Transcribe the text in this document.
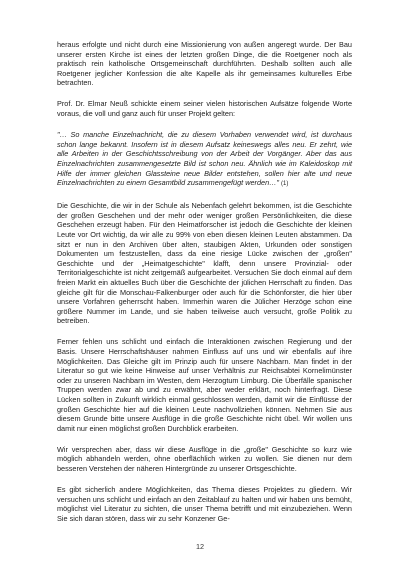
heraus erfolgte und nicht durch eine Missionierung von außen angeregt wurde. Der Bau unserer ersten Kirche ist eines der letzten großen Dinge, die die Roetgener noch als praktisch rein katholische Ortsgemeinschaft durchführten. Deshalb sollten auch alle Roetgener jeglicher Konfession die alte Kapelle als ihr gemeinsames kulturelles Erbe betrachten.

Prof. Dr. Elmar Neuß schickte einem seiner vielen historischen Aufsätze folgende Worte voraus, die voll und ganz auch für unser Projekt gelten:

"… So manche Einzelnachricht, die zu diesem Vorhaben verwendet wird, ist durchaus schon lange bekannt. Insofern ist in diesem Aufsatz keineswegs alles neu. Er zehrt, wie alle Arbeiten in der Geschichtsschreibung von der Arbeit der Vorgänger. Aber das aus Einzelnachrichten zusammengesetzte Bild ist schon neu. Ähnlich wie im Kaleidoskop mit Hilfe der immer gleichen Glassteine neue Bilder entstehen, sollen hier alte und neue Einzelnachrichten zu einem Gesamtbild zusammengefügt werden…" (1)

Die Geschichte, die wir in der Schule als Nebenfach gelehrt bekommen, ist die Geschichte der großen Geschehen und der mehr oder weniger großen Persönlichkeiten, die diese Geschehen erzeugt haben. Für den Heimatforscher ist jedoch die Geschichte der kleinen Leute vor Ort wichtig, da wir alle zu 99% von eben diesen kleinen Leuten abstammen. Da sitzt er nun in den Archiven über alten, staubigen Akten, Urkunden oder sonstigen Dokumenten um festzustellen, dass da eine riesige Lücke zwischen der „großen" Geschichte und der „Heimatgeschichte" klafft, denn unsere Provinzial- oder Territorialgeschichte ist nicht zeitgemäß aufgearbeitet. Versuchen Sie doch einmal auf dem freien Markt ein aktuelles Buch über die Geschichte der jülichen Herrschaft zu finden. Das gleiche gilt für die Monschau-Falkenburger oder auch für die Schönforster, die hier über unsere Vorfahren geherrscht haben. Immerhin waren die Jülicher Herzöge schon eine größere Nummer im Lande, und sie haben teilweise auch versucht, große Politik zu betreiben.

Ferner fehlen uns schlicht und einfach die Interaktionen zwischen Regierung und der Basis. Unsere Herrschaftshäuser nahmen Einfluss auf uns und wir ebenfalls auf ihre Möglichkeiten. Das Gleiche gilt im Prinzip auch für unsere Nachbarn. Man findet in der Literatur so gut wie keine Hinweise auf unser Verhältnis zur Reichsabtei Kornelimünster oder zu unseren Nachbarn im Westen, dem Herzogtum Limburg. Die Überfälle spanischer Truppen werden zwar ab und zu erwähnt, aber weder erklärt, noch hinterfragt. Diese Lücken sollten in Zukunft wirklich einmal geschlossen werden, damit wir die Einflüsse der großen Geschichte hier auf die kleinen Leute nachvollziehen können. Nehmen Sie aus diesem Grunde bitte unsere Ausflüge in die große Geschichte nicht übel. Wir wollen uns damit nur einen möglichst großen Durchblick erarbeiten.

Wir versprechen aber, dass wir diese Ausflüge in die „große" Geschichte so kurz wie möglich abhandeln werden, ohne oberflächlich wirken zu wollen. Sie dienen nur dem besseren Verstehen der näheren Hintergründe zu unserer Ortsgeschichte.

Es gibt sicherlich andere Möglichkeiten, das Thema dieses Projektes zu gliedern. Wir versuchen uns schlicht und einfach an den Zeitablauf zu halten und wir haben uns bemüht, möglichst viel Literatur zu sichten, die unser Thema betrifft und mit einzubeziehen. Wenn Sie sich daran stören, dass wir zu sehr Konzener Ge-

12
